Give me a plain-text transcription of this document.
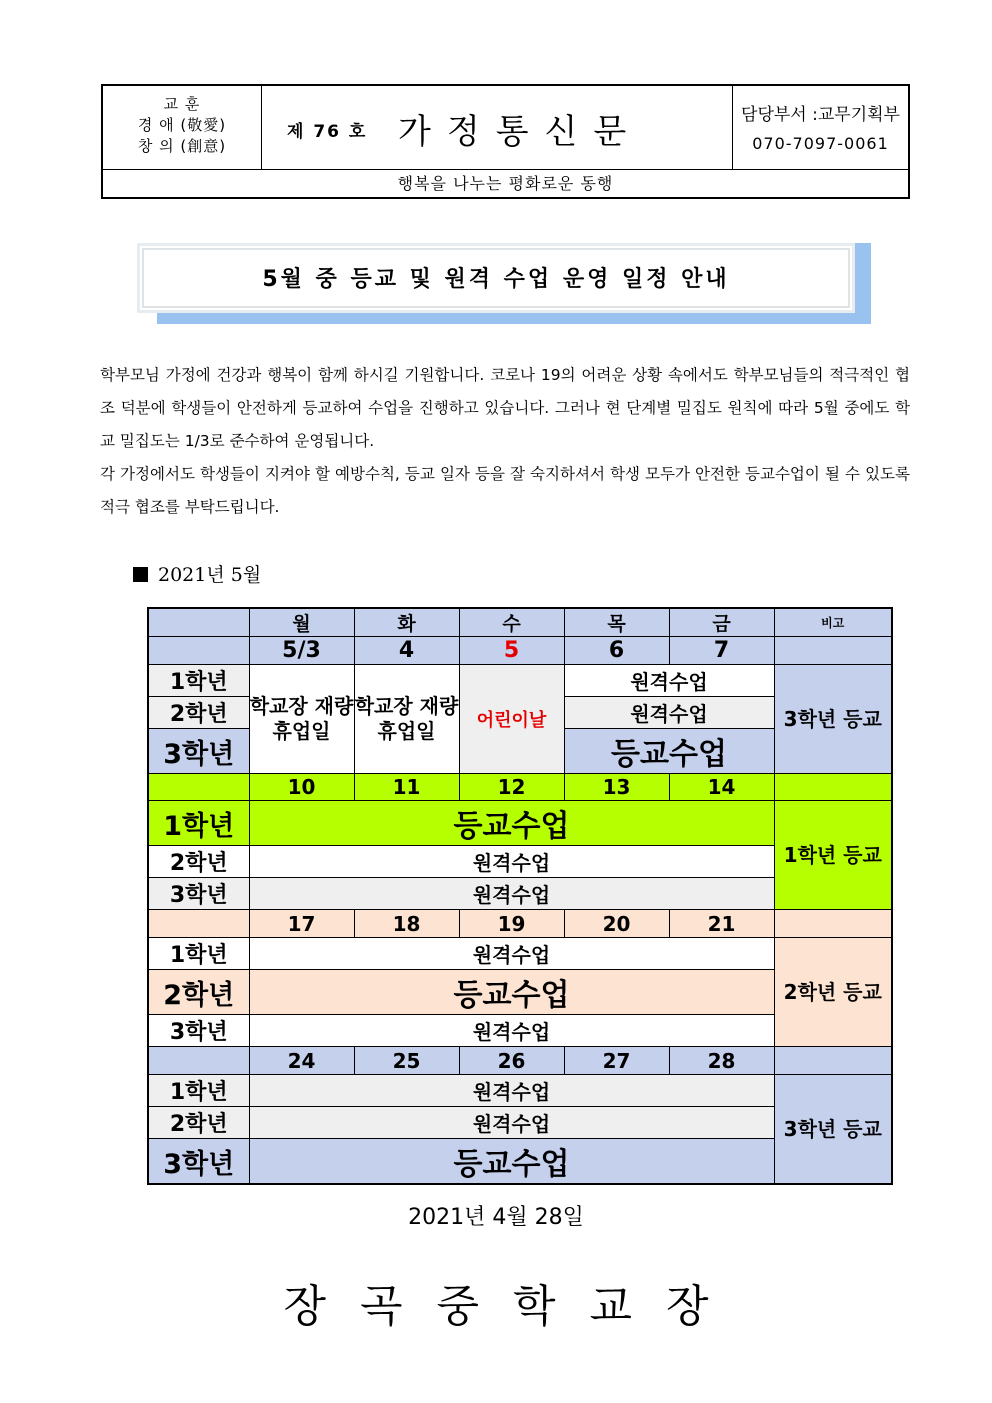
교 훈
경 애 (敬愛)
창 의 (創意)
제 76 호 가정통신문	담당부서 :교무기획부
070-7097-0061
행복을 나누는 평화로운 동행
5월 중 등교 및 원격 수업 운영 일정 안내

학부모님 가정에 건강과 행복이 함께 하시길 기원합니다. 코로나 19의 어려운 상황 속에서도 학부모님들의 적극적인 협조 덕분에 학생들이 안전하게 등교하여 수업을 진행하고 있습니다. 그러나 현 단계별 밀집도 원칙에 따라 5월 중에도 학교 밀집도는 1/3로 준수하여 운영됩니다.

각 가정에서도 학생들이 지켜야 할 예방수칙, 등교 일자 등을 잘 숙지하셔서 학생 모두가 안전한 등교수업이 될 수 있도록 적극 협조를 부탁드립니다.

2021년 5월
	월	화	수	목	금	비고
	5/3	4	5	6	7	
1학년	학교장 재량 휴업일	학교장 재량 휴업일	어린이날	원격수업		3학년 등교
2학년				원격수업		
3학년				등교수업		
	10	11	12	13	14	
1학년	등교수업					1학년 등교
2학년	원격수업					
3학년	원격수업					
	17	18	19	20	21	
1학년	원격수업					2학년 등교
2학년	등교수업					
3학년	원격수업					
	24	25	26	27	28	
1학년	원격수업					3학년 등교
2학년	원격수업					
3학년	등교수업					
2021년 4월 28일
장곡중학교장
